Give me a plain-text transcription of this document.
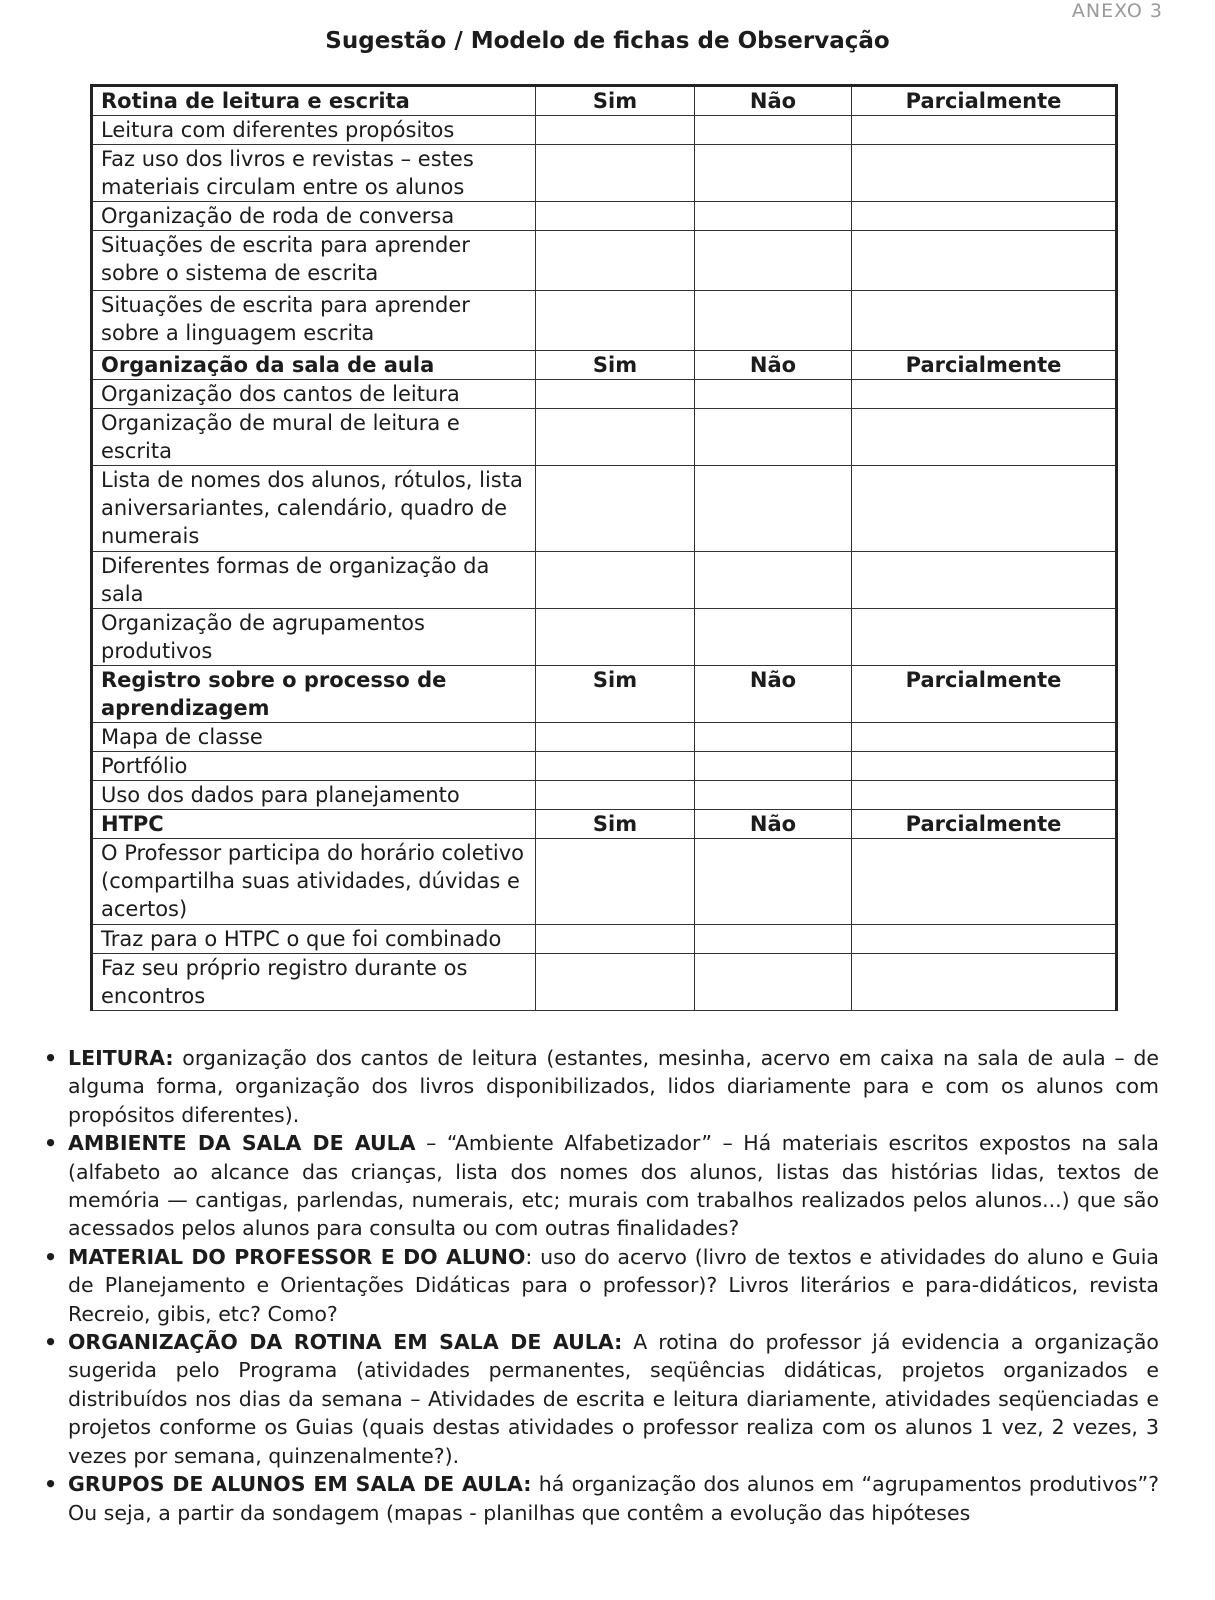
ANEXO 3
Sugestão / Modelo de fichas de Observação
Rotina de leitura e escrita	Sim	Não	Parcialmente
Leitura com diferentes propósitos			
Faz uso dos livros e revistas – estes materiais circulam entre os alunos			
Organização de roda de conversa			
Situações de escrita para aprender sobre o sistema de escrita			
Situações de escrita para aprender sobre a linguagem escrita			
Organização da sala de aula	Sim	Não	Parcialmente
Organização dos cantos de leitura			
Organização de mural de leitura e escrita			
Lista de nomes dos alunos, rótulos, lista aniversariantes, calendário, quadro de numerais			
Diferentes formas de organização da sala			
Organização de agrupamentos produtivos			
Registro sobre o processo de aprendizagem	Sim	Não	Parcialmente
Mapa de classe			
Portfólio			
Uso dos dados para planejamento			
HTPC	Sim	Não	Parcialmente
O Professor participa do horário coletivo (compartilha suas atividades, dúvidas e acertos)			
Traz para o HTPC o que foi combinado			
Faz seu próprio registro durante os encontros			
• LEITURA: organização dos cantos de leitura (estantes, mesinha, acervo em caixa na sala de aula – de alguma forma, organização dos livros disponibilizados, lidos diariamente para e com os alunos com propósitos diferentes).
• AMBIENTE DA SALA DE AULA – “Ambiente Alfabetizador” – Há materiais escritos expostos na sala (alfabeto ao alcance das crianças, lista dos nomes dos alunos, listas das histórias lidas, textos de memória — cantigas, parlendas, numerais, etc; murais com trabalhos realizados pelos alunos...) que são acessados pelos alunos para consulta ou com outras finalidades?
• MATERIAL DO PROFESSOR E DO ALUNO: uso do acervo (livro de textos e atividades do aluno e Guia de Planejamento e Orientações Didáticas para o professor)? Livros literários e para-didáticos, revista Recreio, gibis, etc? Como?
• ORGANIZAÇÃO DA ROTINA EM SALA DE AULA: A rotina do professor já evidencia a organização sugerida pelo Programa (atividades permanentes, seqüências didáticas, projetos organizados e distribuídos nos dias da semana – Atividades de escrita e leitura diariamente, atividades seqüenciadas e projetos conforme os Guias (quais destas atividades o professor realiza com os alunos 1 vez, 2 vezes, 3 vezes por semana, quinzenalmente?).
• GRUPOS DE ALUNOS EM SALA DE AULA: há organização dos alunos em “agrupamentos produtivos”? Ou seja, a partir da sondagem (mapas - planilhas que contêm a evolução das hipóteses
